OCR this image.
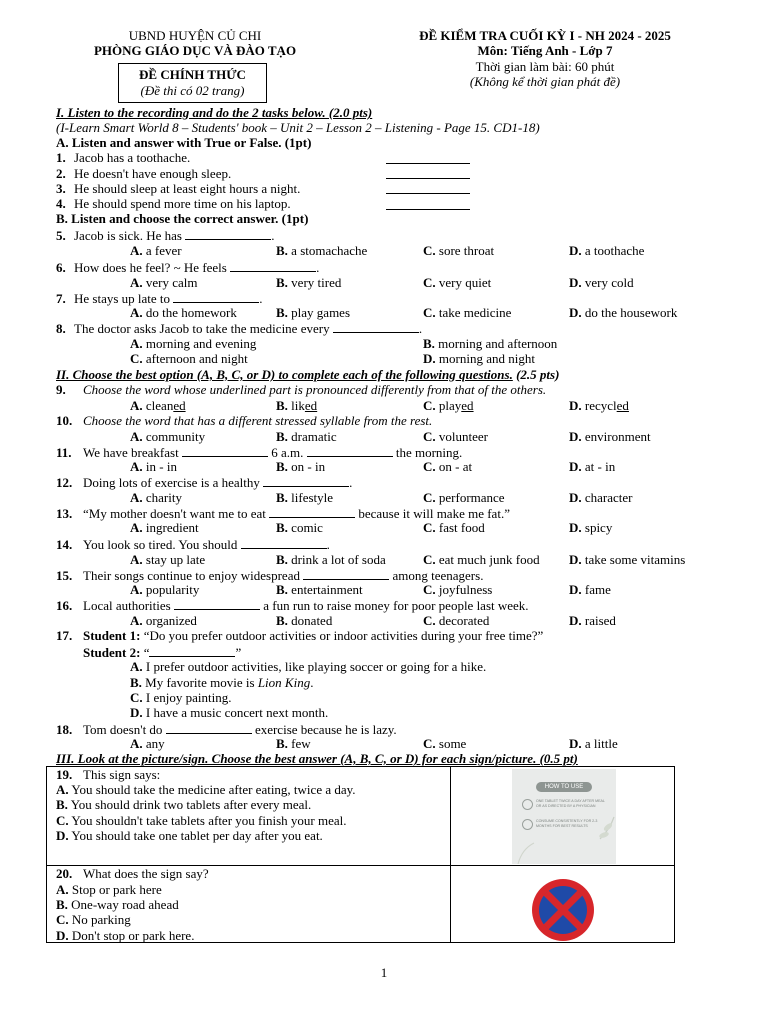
UBND HUYỆN CỦ CHI
PHÒNG GIÁO DỤC VÀ ĐÀO TẠO
ĐỀ CHÍNH THỨC
(Đề thi có 02 trang)
ĐỀ KIỂM TRA CUỐI KỲ I - NH 2024 - 2025
Môn: Tiếng Anh - Lớp 7
Thời gian làm bài: 60 phút
(Không kể thời gian phát đề)
I. Listen to the recording and do the 2 tasks below. (2.0 pts)
(I-Learn Smart World 8 – Students' book – Unit 2 – Lesson 2 – Listening - Page 15. CD1-18)
A. Listen and answer with True or False. (1pt)
1. Jacob has a toothache.
2. He doesn't have enough sleep.
3. He should sleep at least eight hours a night.
4. He should spend more time on his laptop.
B. Listen and choose the correct answer. (1pt)
5. Jacob is sick. He has	.
A. a fever	B. a stomachache	C. sore throat	D. a toothache
6. How does he feel? ~ He feels	.
A. very calm	B. very tired	C. very quiet	D. very cold
7. He stays up late to	.
A. do the homework	B. play games	C. take medicine	D. do the housework
8. The doctor asks Jacob to take the medicine every	.
A. morning and evening	B. morning and afternoon
C. afternoon and night	D. morning and night
II. Choose the best option (A, B, C, or D) to complete each of the following questions. (2.5 pts)
9. Choose the word whose underlined part is pronounced differently from that of the others.
A. cleaned	B. liked	C. played	D. recycled
10. Choose the word that has a different stressed syllable from the rest.
A. community	B. dramatic	C. volunteer	D. environment
11. We have breakfast	6 a.m.	the morning.
A. in - in	B. on - in	C. on - at	D. at - in
12. Doing lots of exercise is a healthy	.
A. charity	B. lifestyle	C. performance	D. character
13. “My mother doesn't want me to eat	because it will make me fat.”
A. ingredient	B. comic	C. fast food	D. spicy
14. You look so tired. You should	.
A. stay up late	B. drink a lot of soda	C. eat much junk food D. take some vitamins
15. Their songs continue to enjoy widespread	among teenagers.
A. popularity	B. entertainment	C. joyfulness	D. fame
16. Local authorities	a fun run to raise money for poor people last week.
A. organized	B. donated	C. decorated	D. raised
17. Student 1: “Do you prefer outdoor activities or indoor activities during your free time?”
Student 2: “	”
A. I prefer outdoor activities, like playing soccer or going for a hike.
B. My favorite movie is Lion King.
C. I enjoy painting.
D. I have a music concert next month.
18. Tom doesn't do	exercise because he is lazy.
A. any	B. few	C. some	D. a little
III. Look at the picture/sign. Choose the best answer (A, B, C, or D) for each sign/picture. (0.5 pt)
19. This sign says:
A. You should take the medicine after eating, twice a day.
B. You should drink two tablets after every meal.
C. You shouldn't take tablets after you finish your meal.
D. You should take one tablet per day after you eat.
HOW TO USE
ONE TABLET TWICE A DAY AFTER MEAL
OR AS DIRECTED BY A PHYSICIAN
CONSUME CONSISTENTLY FOR 2-3
MONTHS FOR BEST RESULTS
20. What does the sign say?
A. Stop or park here
B. One-way road ahead
C. No parking
D. Don't stop or park here.
1
